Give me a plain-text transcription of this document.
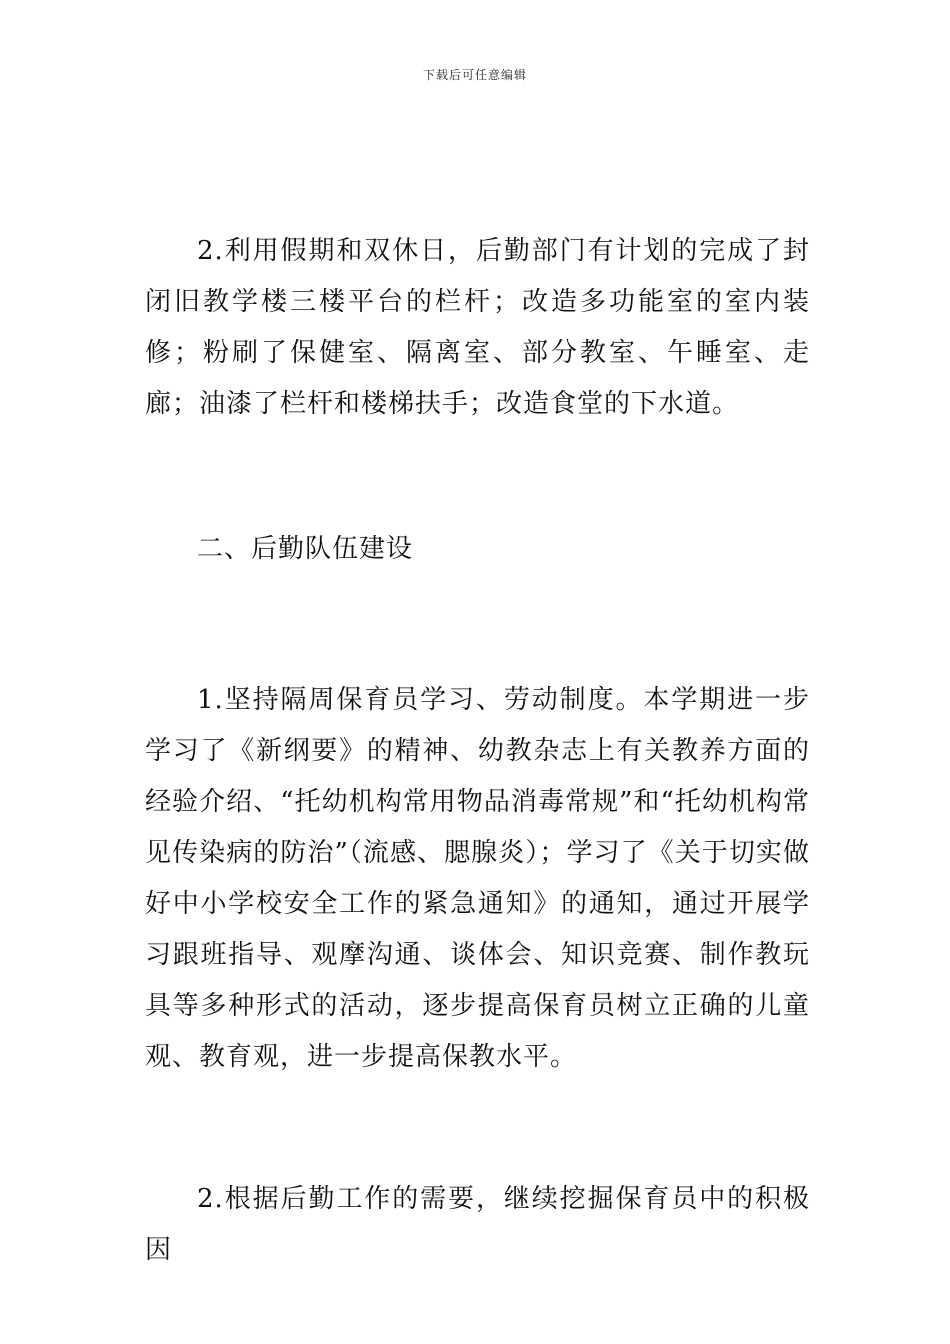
下载后可任意编辑

2.利用假期和双休日，后勤部门有计划的完成了封闭旧教学楼三楼平台的栏杆；改造多功能室的室内装修；粉刷了保健室、隔离室、部分教室、午睡室、走廊；油漆了栏杆和楼梯扶手；改造食堂的下水道。

二、后勤队伍建设

1.坚持隔周保育员学习、劳动制度。本学期进一步学习了《新纲要》的精神、幼教杂志上有关教养方面的经验介绍、“托幼机构常用物品消毒常规”和“托幼机构常见传染病的防治”（流感、腮腺炎）；学习了《关于切实做好中小学校安全工作的紧急通知》的通知，通过开展学习跟班指导、观摩沟通、谈体会、知识竞赛、制作教玩具等多种形式的活动，逐步提高保育员树立正确的儿童观、教育观，进一步提高保教水平。

2.根据后勤工作的需要，继续挖掘保育员中的积极因
